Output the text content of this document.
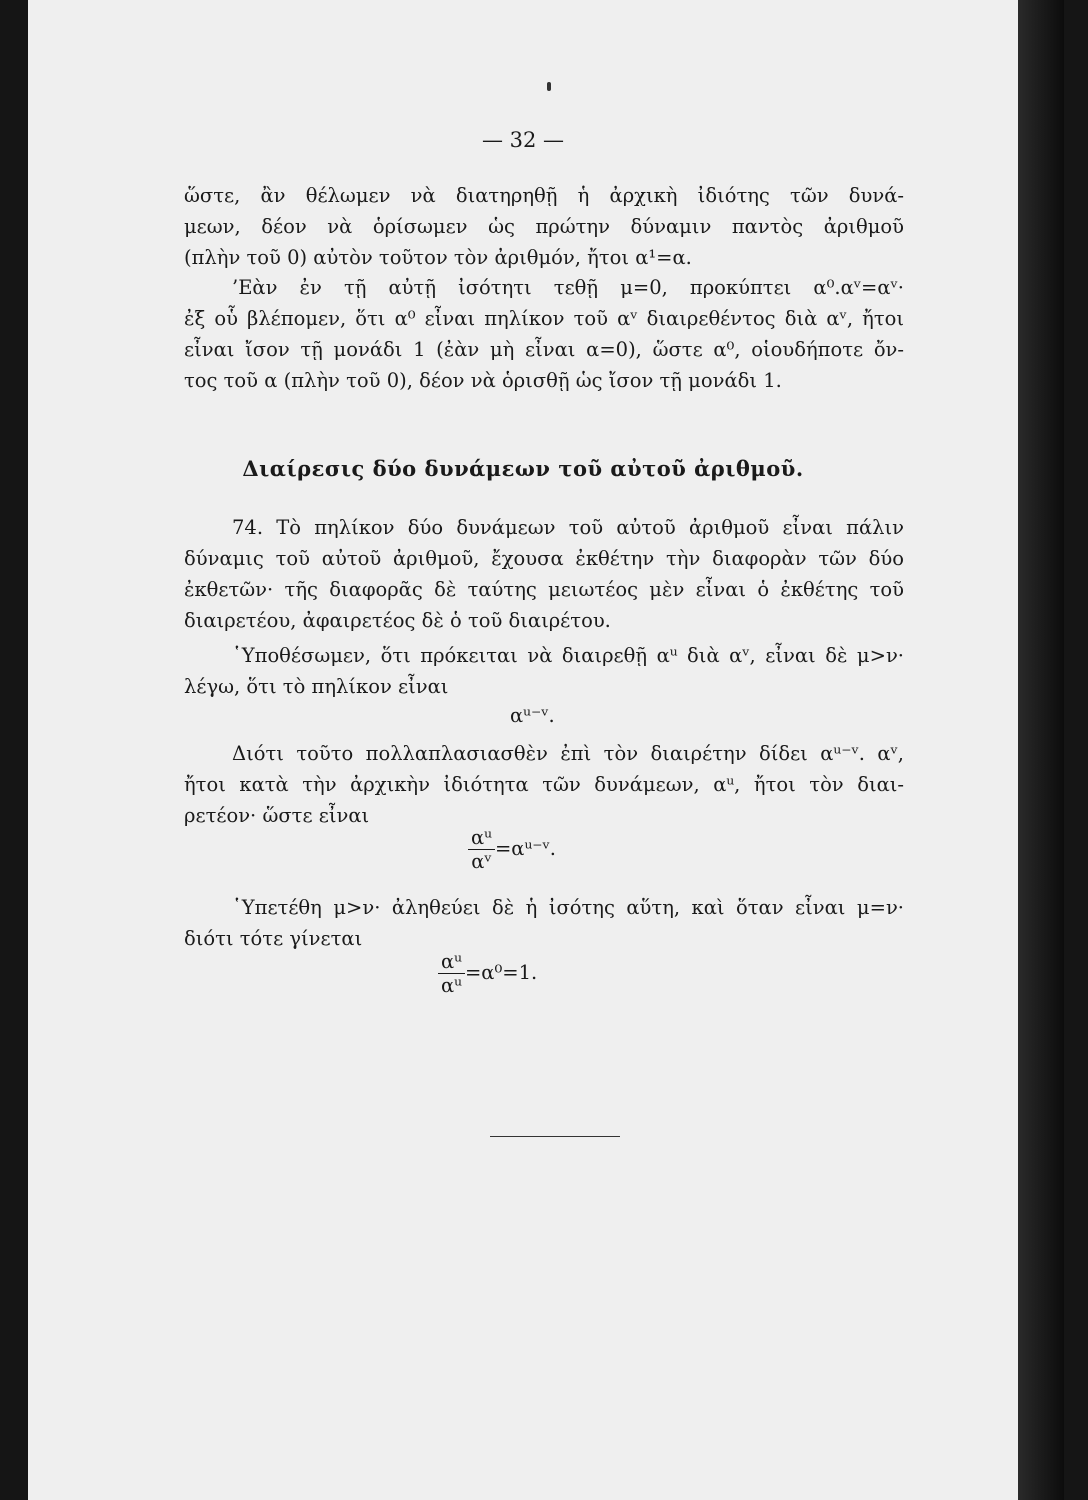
— 32 —
ὥστε, ἂν θέλωμεν νὰ διατηρηθῇ ἡ ἀρχικὴ ἰδιότης τῶν δυνά-
μεων, δέον νὰ ὁρίσωμεν ὡς πρώτην δύναμιν παντὸς ἀριθμοῦ
(πλὴν τοῦ 0) αὐτὸν τοῦτον τὸν ἀριθμόν, ἤτοι α¹=α.
’Εὰν ἐν τῇ αὐτῇ ἰσότητι τεθῇ μ=0, προκύπτει α⁰.αᵛ=αᵛ·
ἐξ οὗ βλέπομεν, ὅτι α⁰ εἶναι πηλίκον τοῦ αᵛ διαιρεθέντος διὰ αᵛ, ἤτοι
εἶναι ἴσον τῇ μονάδι 1 (ἐὰν μὴ εἶναι α=0), ὥστε α⁰, οἱουδήποτε ὄν-
τος τοῦ α (πλὴν τοῦ 0), δέον νὰ ὁρισθῇ ὡς ἴσον τῇ μονάδι 1.
Διαίρεσις δύο δυνάμεων τοῦ αὐτοῦ ἀριθμοῦ.
74. Τὸ πηλίκον δύο δυνάμεων τοῦ αὐτοῦ ἀριθμοῦ εἶναι πάλιν
δύναμις τοῦ αὐτοῦ ἀριθμοῦ, ἔχουσα ἐκθέτην τὴν διαφορὰν τῶν δύο
ἐκθετῶν· τῆς διαφορᾶς δὲ ταύτης μειωτέος μὲν εἶναι ὁ ἐκθέτης τοῦ
διαιρετέου, ἀφαιρετέος δὲ ὁ τοῦ διαιρέτου.
῾Υποθέσωμεν, ὅτι πρόκειται νὰ διαιρεθῇ αᵘ διὰ αᵛ, εἶναι δὲ μ>ν·
λέγω, ὅτι τὸ πηλίκον εἶναι
αᵘ⁻ᵛ.
Διότι τοῦτο πολλαπλασιασθὲν ἐπὶ τὸν διαιρέτην δίδει αᵘ⁻ᵛ. αᵛ,
ἤτοι κατὰ τὴν ἀρχικὴν ἰδιότητα τῶν δυνάμεων, αᵘ, ἤτοι τὸν διαι-
ρετέον· ὥστε εἶναι
$\frac{\text{αᵘ}}{\text{αᵛ}}$ =αᵘ⁻ᵛ.
῾Υπετέθη μ>ν· ἀληθεύει δὲ ἡ ἰσότης αὕτη, καὶ ὅταν εἶναι μ=ν·
διότι τότε γίνεται
$\frac{\text{αᵘ}}{\text{αᵘ}} =\alpha^0=1$.
